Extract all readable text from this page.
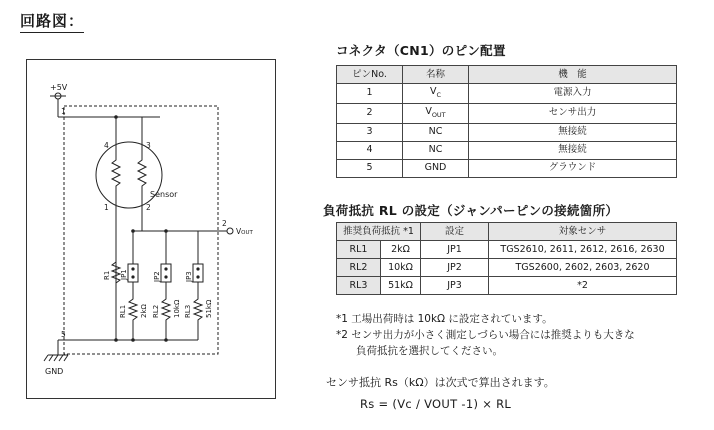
回路図：
+5V
GND
Sensor
1
4	3
1	2
2
5
VOUT
R1 JP1	JP2	JP3
RL1 2kΩ RL2 10kΩ RL3 51kΩ
コネクタ（CN1）のピン配置
ピンNo.	名称	機　能
1	$V_C$	電源入力
2	$V_{OUT}$	センサ出力
3	NC	無接続
4	NC	無接続
5	GND	グラウンド
負荷抵抗 RL の設定（ジャンパーピンの接続箇所）
推奨負荷抵抗 *1		設定	対象センサ
RL1	2kΩ	JP1	TGS2610, 2611, 2612, 2616, 2630
RL2	10kΩ	JP2	TGS2600, 2602, 2603, 2620
RL3	51kΩ	JP3	*2
*1 工場出荷時は 10kΩ に設定されています。
*2 センサ出力が小さく測定しづらい場合には推奨よりも大きな
負荷抵抗を選択してください。
センサ抵抗 Rs（kΩ）は次式で算出されます。
Rs = (Vc / VOUT -1) × RL
